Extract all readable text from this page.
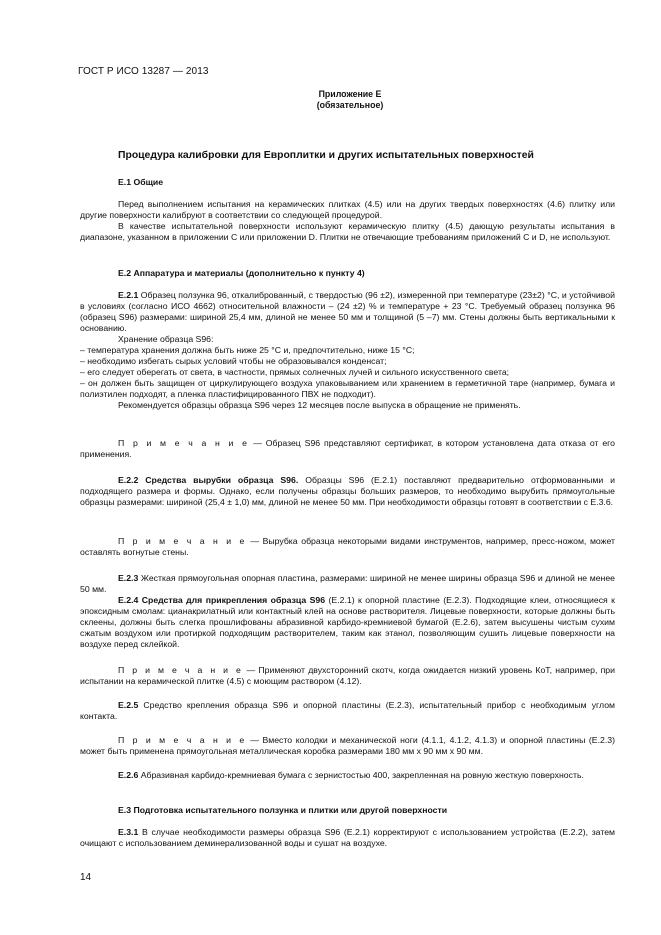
ГОСТ Р ИСО 13287 — 2013
Приложение Е
(обязательное)
Процедура калибровки для Европлитки и других испытательных поверхностей
Е.1 Общие

Перед выполнением испытания на керамических плитках (4.5) или на других твердых поверхностях (4.6) плитку или другие поверхности калибруют в соответствии со следующей процедурой.

В качестве испытательной поверхности используют керамическую плитку (4.5) дающую результаты испытания в диапазоне, указанном в приложении С или приложении D. Плитки не отвечающие требованиям приложений С и D, не используют.

Е.2 Аппаратура и материалы (дополнительно к пункту 4)

Е.2.1 Образец ползунка 96, откалиброванный, с твердостью (96 ±2), измеренной при температуре (23±2) °С, и устойчивой в условиях (согласно ИСО 4662) относительной влажности – (24 ±2) % и температуре + 23 °С. Требуемый образец ползунка 96 (образец S96) размерами: шириной 25,4 мм, длиной не менее 50 мм и толщиной (5 –7) мм. Стены должны быть вертикальными к основанию.

Хранение образца S96:

– температура хранения должна быть ниже 25 °С и, предпочтительно, ниже 15 °С;

– необходимо избегать сырых условий чтобы не образовывался конденсат;

– его следует оберегать от света, в частности, прямых солнечных лучей и сильного искусственного света;

– он должен быть защищен от циркулирующего воздуха упаковыванием или хранением в герметичной таре (например, бумага и полиэтилен подходят, а пленка пластифицированного ПВХ не подходит).

Рекомендуется образцы образца S96 через 12 месяцев после выпуска в обращение не применять.

П р и м е ч а н и е — Образец S96 представляют сертификат, в котором установлена дата отказа от его применения.

Е.2.2 Средства вырубки образца S96. Образцы S96 (Е.2.1) поставляют предварительно отформованными и подходящего размера и формы. Однако, если получены образцы больших размеров, то необходимо вырубить прямоугольные образцы размерами: шириной (25,4 ± 1,0) мм, длиной не менее 50 мм. При необходимости образцы готовят в соответствии с Е.3.6.

П р и м е ч а н и е — Вырубка образца некоторыми видами инструментов, например, пресс-ножом, может оставлять вогнутые стены.

Е.2.3 Жесткая прямоугольная опорная пластина, размерами: шириной не менее ширины образца S96 и длиной не менее 50 мм.

Е.2.4 Средства для прикрепления образца S96 (Е.2.1) к опорной пластине (Е.2.3). Подходящие клеи, относящиеся к эпоксидным смолам: цианакрилатный или контактный клей на основе растворителя. Лицевые поверхности, которые должны быть склеены, должны быть слегка прошлифованы абразивной карбидо-кремниевой бумагой (Е.2.6), затем высушены чистым сухим сжатым воздухом или протиркой подходящим растворителем, таким как этанол, позволяющим сушить лицевые поверхности на воздухе перед склейкой.

П р и м е ч а н и е — Применяют двухсторонний скотч, когда ожидается низкий уровень КоТ, например, при испытании на керамической плитке (4.5) с моющим раствором (4.12).

Е.2.5 Средство крепления образца S96 и опорной пластины (Е.2.3), испытательный прибор с необходимым углом контакта.

П р и м е ч а н и е — Вместо колодки и механической ноги (4.1.1, 4.1.2, 4.1.3) и опорной пластины (Е.2.3) может быть применена прямоугольная металлическая коробка размерами 180 мм х 90 мм х 90 мм.

Е.2.6 Абразивная карбидо-кремниевая бумага с зернистостью 400, закрепленная на ровную жесткую поверхность.

Е.3 Подготовка испытательного ползунка и плитки или другой поверхности

Е.3.1 В случае необходимости размеры образца S96 (Е.2.1) корректируют с использованием устройства (Е.2.2), затем очищают с использованием деминерализованной воды и сушат на воздухе.

14
